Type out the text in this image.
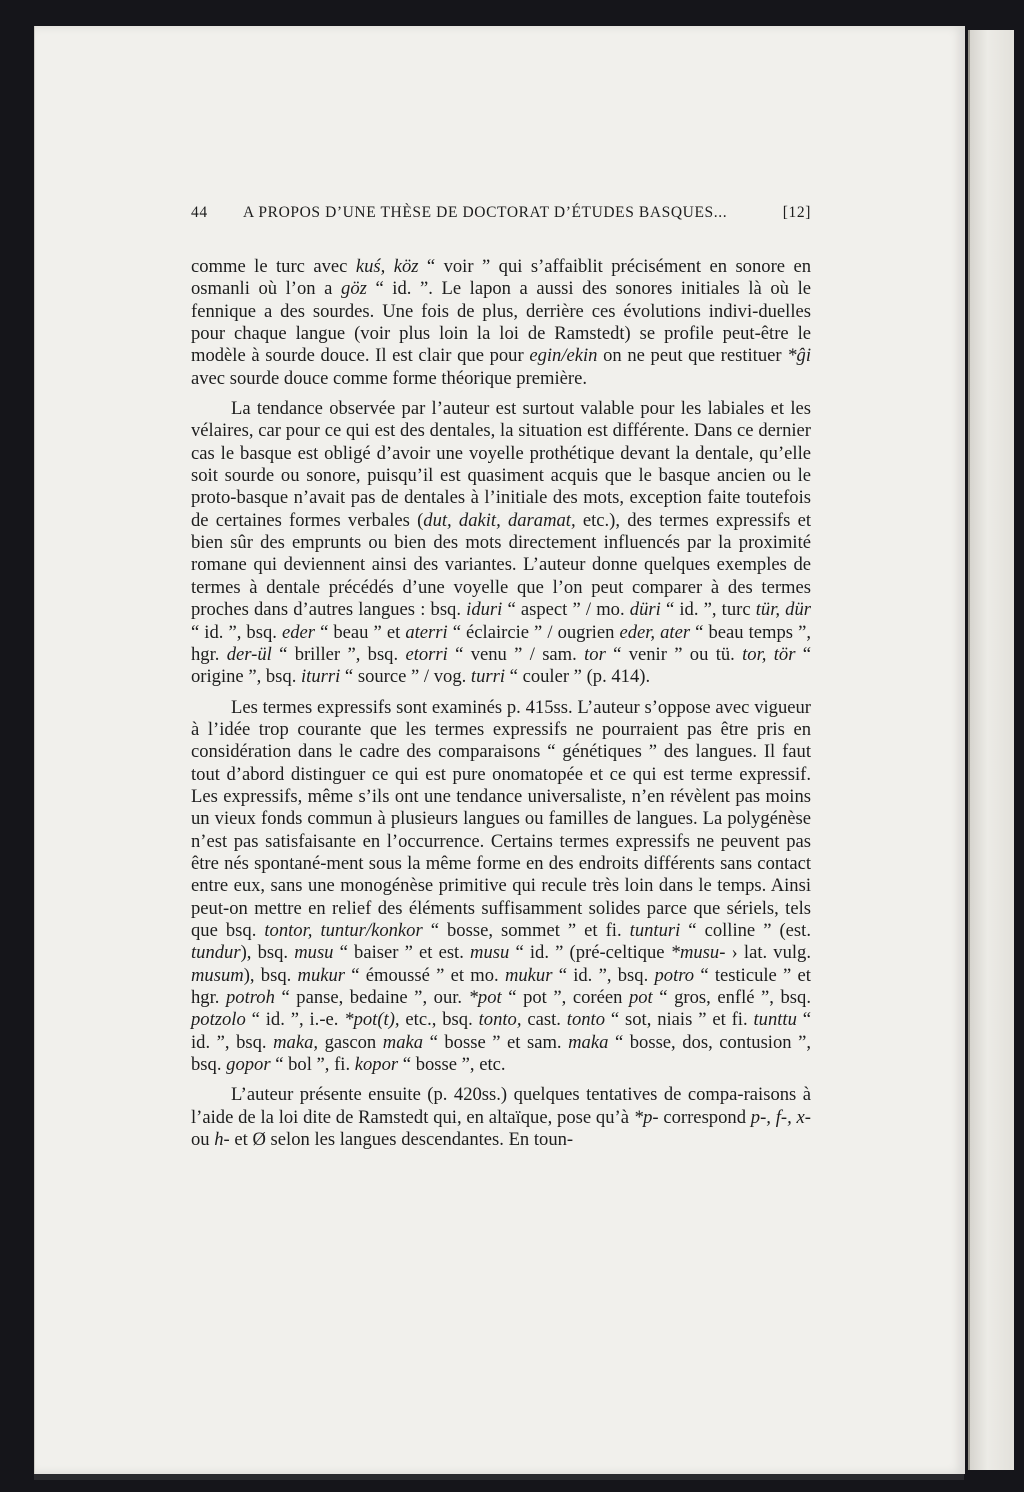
44 A PROPOS D’UNE THÈSE DE DOCTORAT D’ÉTUDES BASQUES...	[12]

comme le turc avec kuś, köz “ voir ” qui s’affaiblit précisément en sonore en osmanli où l’on a göz “ id. ”. Le lapon a aussi des sonores initiales là où le fennique a des sourdes. Une fois de plus, derrière ces évolutions indivi-duelles pour chaque langue (voir plus loin la loi de Ramstedt) se profile peut-être le modèle à sourde douce. Il est clair que pour egin/ekin on ne peut que restituer *ĝi avec sourde douce comme forme théorique première.

La tendance observée par l’auteur est surtout valable pour les labiales et les vélaires, car pour ce qui est des dentales, la situation est différente. Dans ce dernier cas le basque est obligé d’avoir une voyelle prothétique devant la dentale, qu’elle soit sourde ou sonore, puisqu’il est quasiment acquis que le basque ancien ou le proto-basque n’avait pas de dentales à l’initiale des mots, exception faite toutefois de certaines formes verbales (dut, dakit, daramat, etc.), des termes expressifs et bien sûr des emprunts ou bien des mots directement influencés par la proximité romane qui deviennent ainsi des variantes. L’auteur donne quelques exemples de termes à dentale précédés d’une voyelle que l’on peut comparer à des termes proches dans d’autres langues : bsq. iduri “ aspect ” / mo. düri “ id. ”, turc tür, dür “ id. ”, bsq. eder “ beau ” et aterri “ éclaircie ” / ougrien eder, ater “ beau temps ”, hgr. der-ül “ briller ”, bsq. etorri “ venu ” / sam. tor “ venir ” ou tü. tor, tör “ origine ”, bsq. iturri “ source ” / vog. turri “ couler ” (p. 414).

Les termes expressifs sont examinés p. 415ss. L’auteur s’oppose avec vigueur à l’idée trop courante que les termes expressifs ne pourraient pas être pris en considération dans le cadre des comparaisons “ génétiques ” des langues. Il faut tout d’abord distinguer ce qui est pure onomatopée et ce qui est terme expressif. Les expressifs, même s’ils ont une tendance universaliste, n’en révèlent pas moins un vieux fonds commun à plusieurs langues ou familles de langues. La polygénèse n’est pas satisfaisante en l’occurrence. Certains termes expressifs ne peuvent pas être nés spontané-ment sous la même forme en des endroits différents sans contact entre eux, sans une monogénèse primitive qui recule très loin dans le temps. Ainsi peut-on mettre en relief des éléments suffisamment solides parce que sériels, tels que bsq. tontor, tuntur/konkor “ bosse, sommet ” et fi. tunturi “ colline ” (est. tundur), bsq. musu “ baiser ” et est. musu “ id. ” (pré-celtique *musu- › lat. vulg. musum), bsq. mukur “ émoussé ” et mo. mukur “ id. ”, bsq. potro “ testicule ” et hgr. potroh “ panse, bedaine ”, our. *pot “ pot ”, coréen pot “ gros, enflé ”, bsq. potzolo “ id. ”, i.-e. *pot(t), etc., bsq. tonto, cast. tonto “ sot, niais ” et fi. tunttu “ id. ”, bsq. maka, gascon maka “ bosse ” et sam. maka “ bosse, dos, contusion ”, bsq. gopor “ bol ”, fi. kopor “ bosse ”, etc.

L’auteur présente ensuite (p. 420ss.) quelques tentatives de compa-raisons à l’aide de la loi dite de Ramstedt qui, en altaïque, pose qu’à *p- correspond p-, f-, x- ou h- et Ø selon les langues descendantes. En toun-
